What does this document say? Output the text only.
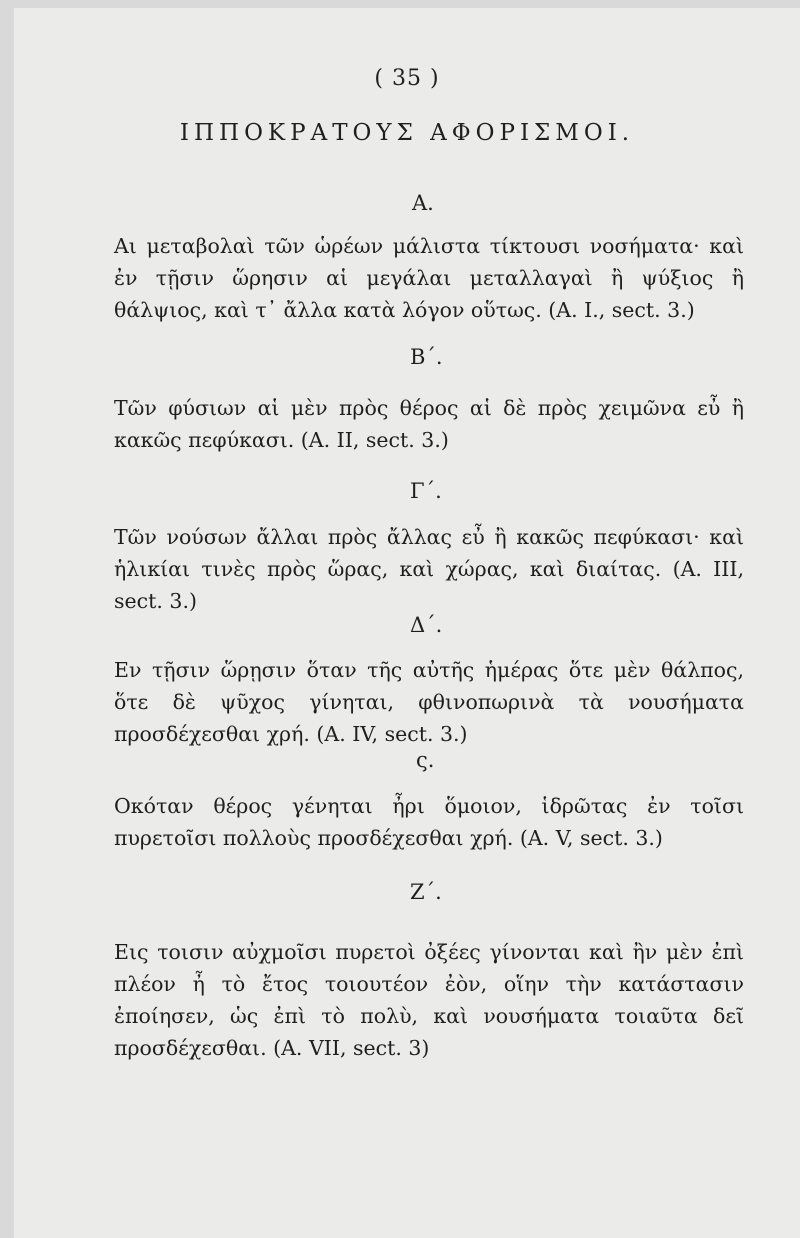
( 35 )
ΙΠΠΟΚΡΑΤΟΥΣ ΑΦΟΡΙΣΜΟΙ.
Α.
Αι μεταβολαὶ τῶν ὡρέων μάλιστα τίκτουσι νοσήματα· καὶ ἐν τῇσιν ὥρησιν αἱ μεγάλαι μεταλλαγαὶ ἢ ψύξιος ἢ θάλψιος, καὶ τ᾽ ἄλλα κατὰ λόγον οὕτως. (A. I., sect. 3.)
Β΄.
Τῶν φύσιων αἱ μὲν πρὸς θέρος αἱ δὲ πρὸς χειμῶνα εὖ ἢ κακῶς πεφύκασι. (A. II, sect. 3.)
Γ΄.
Τῶν νούσων ἄλλαι πρὸς ἄλλας εὖ ἢ κακῶς πεφύκασι· καὶ ἡλικίαι τινὲς πρὸς ὥρας, καὶ χώρας, καὶ διαίτας. (A. III, sect. 3.)
Δ΄.
Εν τῇσιν ὥρῃσιν ὅταν τῆς αὐτῆς ἡμέρας ὅτε μὲν θάλπος, ὅτε δὲ ψῦχος γίνηται, φθινοπωρινὰ τὰ νουσήματα προσδέχεσθαι χρή. (A. IV, sect. 3.)
ς.
Οκόταν θέρος γένηται ἦρι ὅμοιον, ἱδρῶτας ἐν τοῖσι πυρετοῖσι πολλοὺς προσδέχεσθαι χρή. (A. V, sect. 3.)
Ζ΄.
Εις τοισιν αὐχμοῖσι πυρετοὶ ὀξέες γίνονται καὶ ἢν μὲν ἐπὶ πλέον ἦ τὸ ἔτος τοιουτέον ἐὸν, οἵην τὴν κατάστασιν ἐποίησεν, ὡς ἐπὶ τὸ πολὺ, καὶ νουσήματα τοιαῦτα δεῖ προσδέχεσθαι. (A. VII, sect. 3)
